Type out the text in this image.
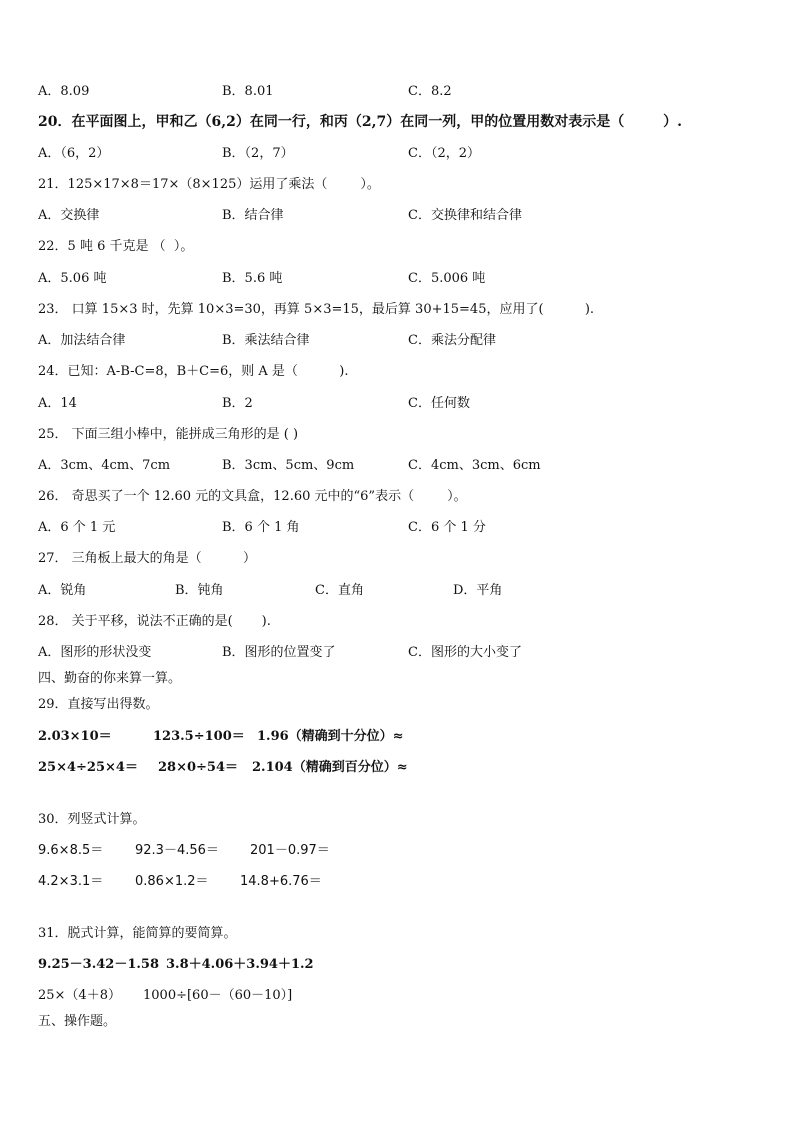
A．8.09	B．8.01	C．8.2
20．在平面图上，甲和乙（6,2）在同一行，和丙（2,7）在同一列，甲的位置用数对表示是（        ）.
A．（6，2）	B．（2，7）	C．（2，2）
21．125×17×8＝17×（8×125）运用了乘法（        ）。
A．交换律	B．结合律	C．交换律和结合律
22．5 吨 6 千克是 （  ）。
A．5.06 吨	B．5.6 吨	C．5.006 吨
23． 口算 15×3 时，先算 10×3=30，再算 5×3=15，最后算 30+15=45，应用了(          ).
A．加法结合律	B．乘法结合律	C．乘法分配律
24．已知：A-B-C=8，B＋C=6，则 A 是（          ).
A．14	B．2	C．任何数
25． 下面三组小棒中，能拼成三角形的是 ( )
A．3cm、4cm、7cm	B．3cm、5cm、9cm	C．4cm、3cm、6cm
26． 奇思买了一个 12.60 元的文具盒，12.60 元中的“6”表示（        ）。
A．6 个 1 元	B．6 个 1 角	C．6 个 1 分
27． 三角板上最大的角是（          ）
A．锐角	B．钝角	C．直角	D．平角
28． 关于平移，说法不正确的是(       ).
A．图形的形状没变	B．图形的位置变了	C．图形的大小变了
四、勤奋的你来算一算。
29．直接写出得数。
2.03×10＝	123.5÷100＝ 1.96（精确到十分位）≈
25×4÷25×4＝ 28×0÷54＝ 2.104（精确到百分位）≈
30．列竖式计算。
9.6×8.5＝ 92.3－4.56＝ 201－0.97＝
4.2×3.1＝ 0.86×1.2＝ 14.8+6.76＝
31．脱式计算，能简算的要简算。
9.25－3.42－1.58 3.8＋4.06＋3.94＋1.2
25×（4＋8） 1000÷[60－（60－10）]
五、操作题。
